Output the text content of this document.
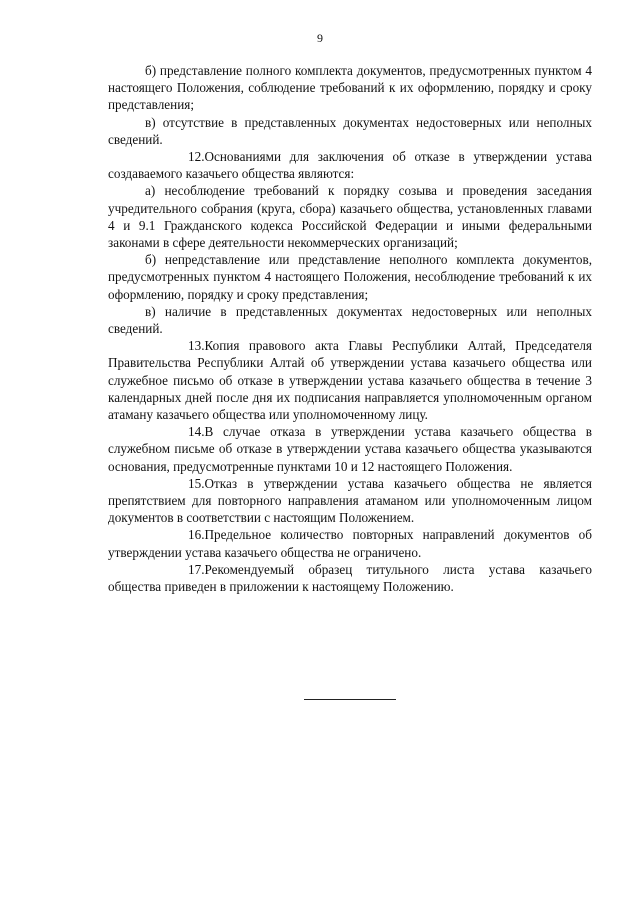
9

б) представление полного комплекта документов, предусмотренных пунктом 4 настоящего Положения, соблюдение требований к их оформлению, порядку и сроку представления;

в) отсутствие в представленных документах недостоверных или неполных сведений.

12.Основаниями для заключения об отказе в утверждении устава создаваемого казачьего общества являются:

а) несоблюдение требований к порядку созыва и проведения заседания учредительного собрания (круга, сбора) казачьего общества, установленных главами 4 и 9.1 Гражданского кодекса Российской Федерации и иными федеральными законами в сфере деятельности некоммерческих организаций;

б) непредставление или представление неполного комплекта документов, предусмотренных пунктом 4 настоящего Положения, несоблюдение требований к их оформлению, порядку и сроку представления;

в) наличие в представленных документах недостоверных или неполных сведений.

13.Копия правового акта Главы Республики Алтай, Председателя Правительства Республики Алтай об утверждении устава казачьего общества или служебное письмо об отказе в утверждении устава казачьего общества в течение 3 календарных дней после дня их подписания направляется уполномоченным органом атаману казачьего общества или уполномоченному лицу.

14.В случае отказа в утверждении устава казачьего общества в служебном письме об отказе в утверждении устава казачьего общества указываются основания, предусмотренные пунктами 10 и 12 настоящего Положения.

15.Отказ в утверждении устава казачьего общества не является препятствием для повторного направления атаманом или уполномоченным лицом документов в соответствии с настоящим Положением.

16.Предельное количество повторных направлений документов об утверждении устава казачьего общества не ограничено.

17.Рекомендуемый образец титульного листа устава казачьего общества приведен в приложении к настоящему Положению.
